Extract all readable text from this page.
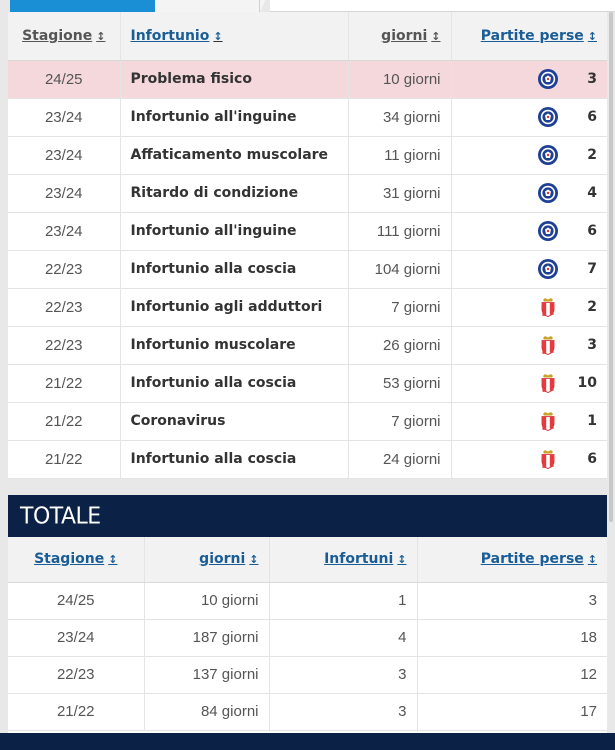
Stagione ↕	Infortunio ↕	giorni ↕	Partite perse ↕
24/25	Problema fisico	10 giorni	3

23/24	Infortunio all'inguine	34 giorni	6

23/24	Affaticamento muscolare	11 giorni	2

23/24	Ritardo di condizione	31 giorni	4

23/24	Infortunio all'inguine	111 giorni	6

22/23	Infortunio alla coscia	104 giorni	7

22/23	Infortunio agli adduttori	7 giorni	2

22/23	Infortunio muscolare	26 giorni	3

21/22	Infortunio alla coscia	53 giorni	10

21/22	Coronavirus	7 giorni	1

21/22	Infortunio alla coscia	24 giorni	6
TOTALE
Stagione ↕	giorni ↕	Infortuni ↕	Partite perse ↕
24/25	10 giorni	1	3
23/24	187 giorni	4	18
22/23	137 giorni	3	12
21/22	84 giorni	3	17
